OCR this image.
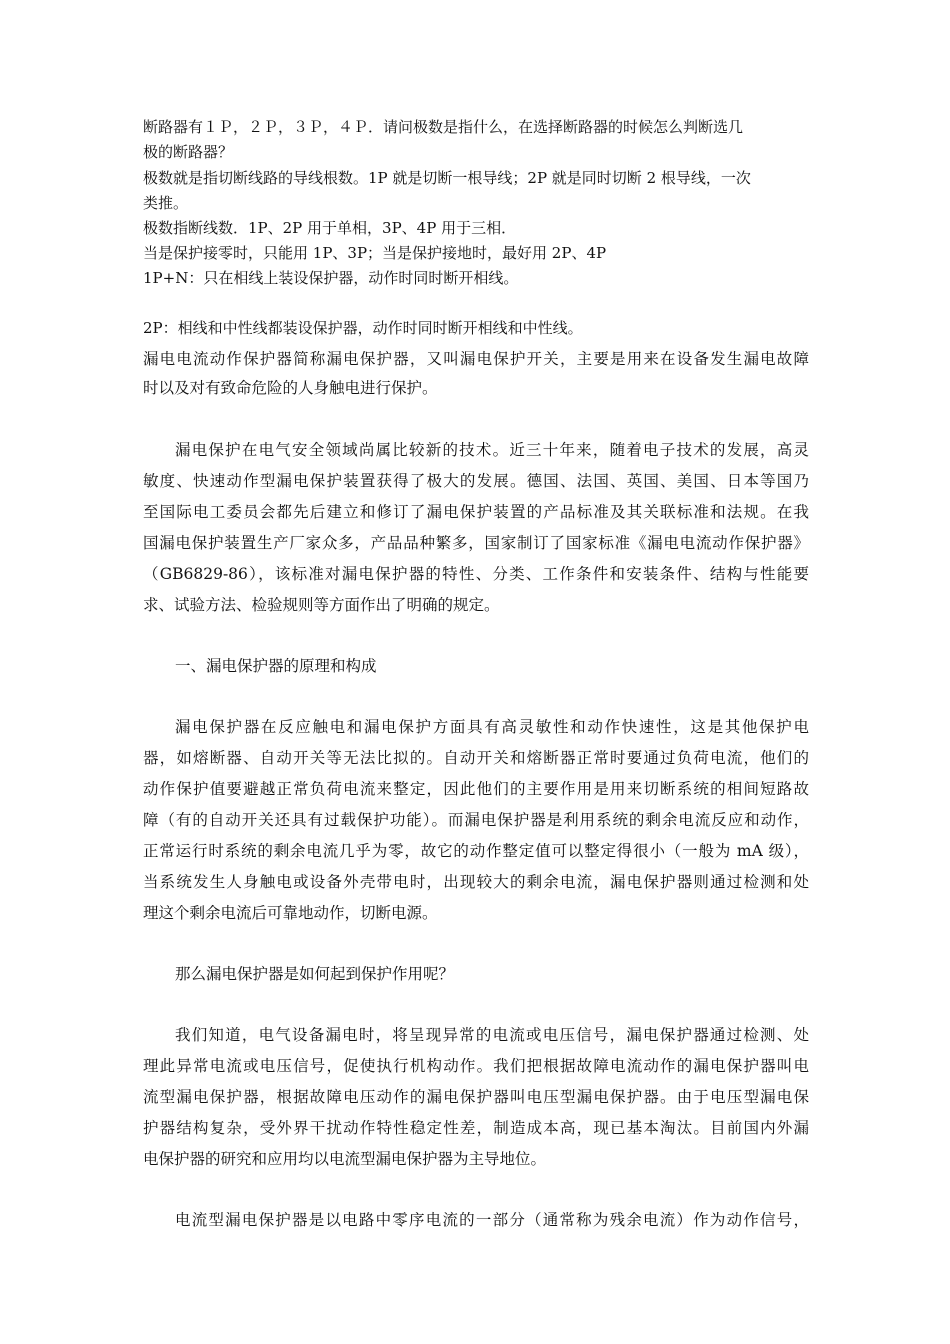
断路器有１Ｐ，２Ｐ，３Ｐ，４Ｐ．请问极数是指什么，在选择断路器的时候怎么判断选几
极的断路器？
极数就是指切断线路的导线根数。1P 就是切断一根导线；2P 就是同时切断 2 根导线，一次
类推。
极数指断线数．1P、2P 用于单相，3P、4P 用于三相．
当是保护接零时，只能用 1P、3P；当是保护接地时，最好用 2P、4P
1P+N：只在相线上装设保护器，动作时同时断开相线。
2P：相线和中性线都装设保护器，动作时同时断开相线和中性线。
漏电电流动作保护器简称漏电保护器，又叫漏电保护开关，主要是用来在设备发生漏电故障
时以及对有致命危险的人身触电进行保护。
漏电保护在电气安全领域尚属比较新的技术。近三十年来，随着电子技术的发展，高灵
敏度、快速动作型漏电保护装置获得了极大的发展。德国、法国、英国、美国、日本等国乃
至国际电工委员会都先后建立和修订了漏电保护装置的产品标准及其关联标准和法规。在我
国漏电保护装置生产厂家众多，产品品种繁多，国家制订了国家标准《漏电电流动作保护器》
（GB6829-86），该标准对漏电保护器的特性、分类、工作条件和安装条件、结构与性能要
求、试验方法、检验规则等方面作出了明确的规定。
一、漏电保护器的原理和构成
漏电保护器在反应触电和漏电保护方面具有高灵敏性和动作快速性，这是其他保护电
器，如熔断器、自动开关等无法比拟的。自动开关和熔断器正常时要通过负荷电流，他们的
动作保护值要避越正常负荷电流来整定，因此他们的主要作用是用来切断系统的相间短路故
障（有的自动开关还具有过载保护功能）。而漏电保护器是利用系统的剩余电流反应和动作，
正常运行时系统的剩余电流几乎为零，故它的动作整定值可以整定得很小（一般为 mA 级），
当系统发生人身触电或设备外壳带电时，出现较大的剩余电流，漏电保护器则通过检测和处
理这个剩余电流后可靠地动作，切断电源。
那么漏电保护器是如何起到保护作用呢？
我们知道，电气设备漏电时，将呈现异常的电流或电压信号，漏电保护器通过检测、处
理此异常电流或电压信号，促使执行机构动作。我们把根据故障电流动作的漏电保护器叫电
流型漏电保护器，根据故障电压动作的漏电保护器叫电压型漏电保护器。由于电压型漏电保
护器结构复杂，受外界干扰动作特性稳定性差，制造成本高，现已基本淘汰。目前国内外漏
电保护器的研究和应用均以电流型漏电保护器为主导地位。
电流型漏电保护器是以电路中零序电流的一部分（通常称为残余电流）作为动作信号，
